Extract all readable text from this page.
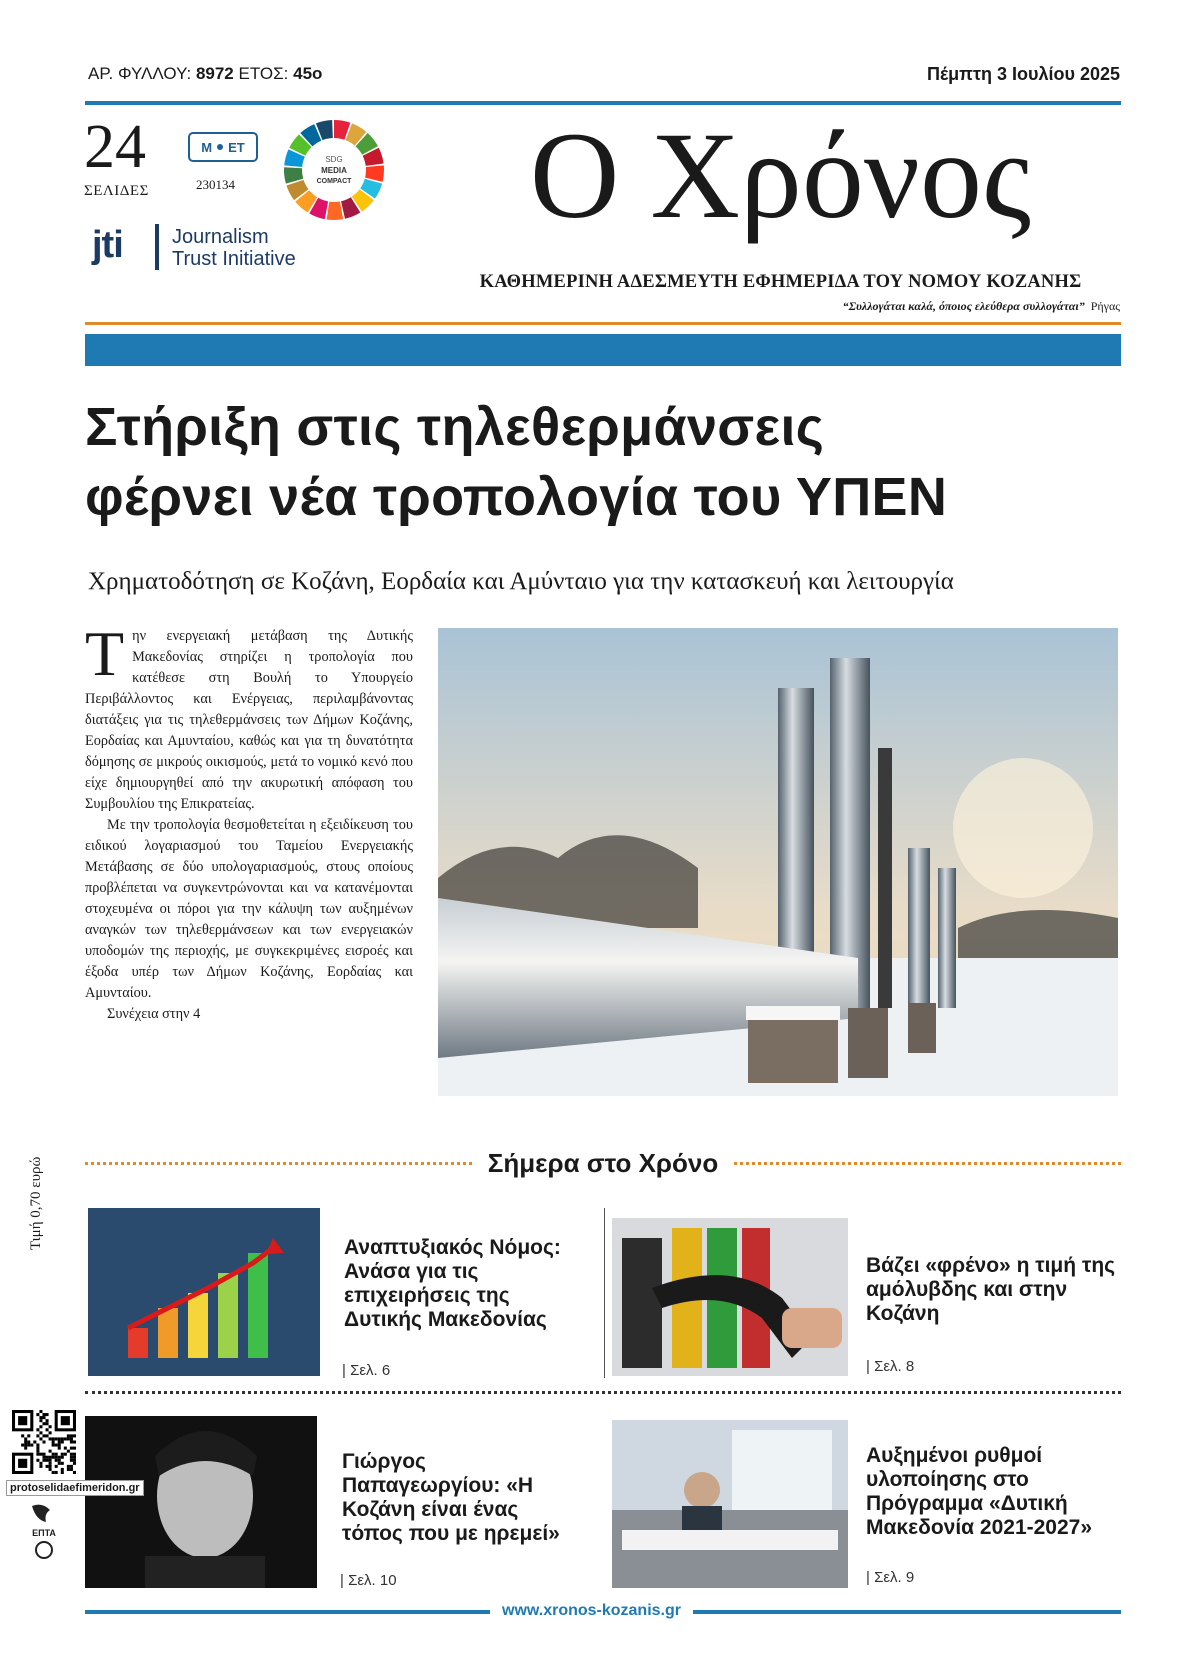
ΑΡ. ΦΥΛΛΟΥ: 8972 ΕΤΟΣ: 45ο	Πέμπτη 3 Ιουλίου 2025
24
ΣΕΛΙΔΕΣ
Μ ΕΤ
230134
SDG
MEDIA
COMPACT
jti Journalism
Trust Initiative
Ο Χρόνος
ΚΑΘΗΜΕΡΙΝΗ ΑΔΕΣΜΕΥΤΗ ΕΦΗΜΕΡΙΔΑ ΤΟΥ ΝΟΜΟΥ ΚΟΖΑΝΗΣ
“Συλλογάται καλά, όποιος ελεύθερα συλλογάται” Ρήγας
Στήριξη στις τηλεθερμάνσεις
φέρνει νέα τροπολογία του ΥΠΕΝ
Χρηματοδότηση σε Κοζάνη, Εορδαία και Αμύνταιο για την κατασκευή και λειτουργία

Την ενεργειακή μετάβαση της Δυτικής Μακεδονίας στηρίζει η τροπολογία που κατέθεσε στη Βουλή το Υπουργείο Περιβάλλοντος και Ενέργειας, περιλαμβάνοντας διατάξεις για τις τηλεθερμάνσεις των Δήμων Κοζάνης, Εορδαίας και Αμυνταίου, καθώς και για τη δυνατότητα δόμησης σε μικρούς οικισμούς, μετά το νομικό κενό που είχε δημιουργηθεί από την ακυρωτική απόφαση του Συμβουλίου της Επικρατείας.

Με την τροπολογία θεσμοθετείται η εξειδίκευση του ειδικού λογαριασμού του Ταμείου Ενεργειακής Μετάβασης σε δύο υπολογαριασμούς, στους οποίους προβλέπεται να συγκεντρώνονται και να κατανέμονται στοχευμένα οι πόροι για την κάλυψη των αυξημένων αναγκών των τηλεθερμάνσεων και των ενεργειακών υποδομών της περιοχής, με συγκεκριμένες εισροές και έξοδα υπέρ των Δήμων Κοζάνης, Εορδαίας και Αμυνταίου.

Συνέχεια στην 4

Σήμερα στο Χρόνο
Αναπτυξιακός Νόμος: Ανάσα για τις επιχειρήσεις της Δυτικής Μακεδονίας
| Σελ. 6
Βάζει «φρένο» η τιμή της αμόλυβδης και στην Κοζάνη
| Σελ. 8
Γιώργος Παπαγεωργίου: «Η Κοζάνη είναι ένας τόπος που με ηρεμεί»
| Σελ. 10
Αυξημένοι ρυθμοί υλοποίησης στο Πρόγραμμα «Δυτική Μακεδονία 2021-2027»
| Σελ. 9
Τιμή 0,70 ευρώ
protoselidaefimeridon.gr
ΕΠΤΑ
www.xronos-kozanis.gr
